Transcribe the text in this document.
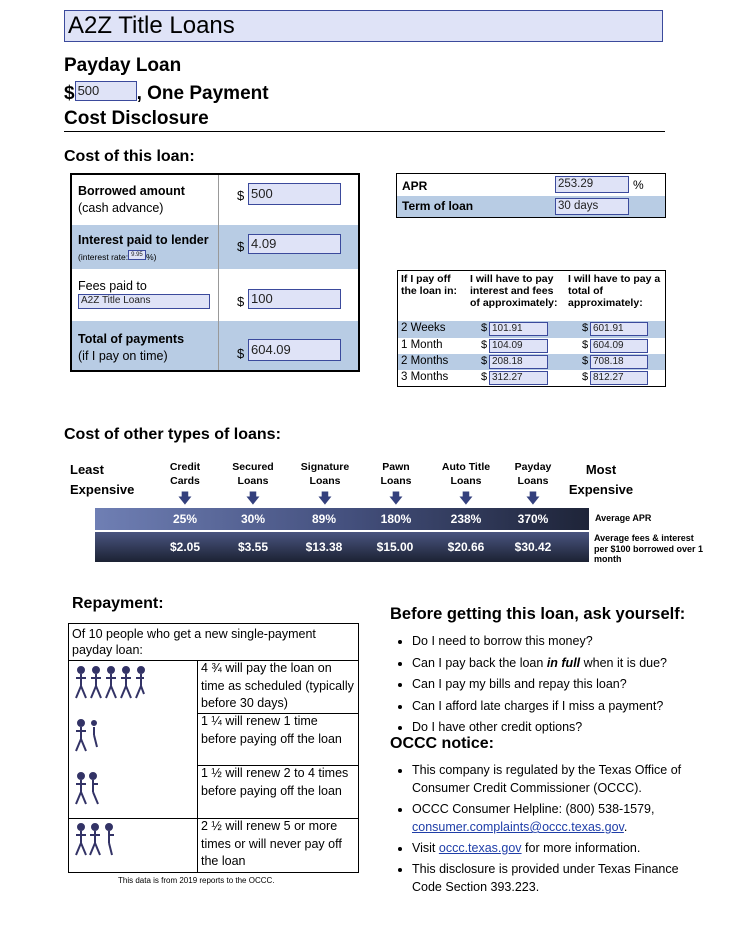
A2Z Title Loans
Payday Loan
$ 500 , One Payment
Cost Disclosure
Cost of this loan:
Borrowed amount
(cash advance)
$ 500
Interest paid to lender
(interest rate: 9.95 %)
$ 4.09
Fees paid to
A2Z Title Loans	$ 100
Total of payments
(if I pay on time)	$ 604.09
APR	253.29	%
Term of loan	30 days
If I pay off the loan in:
I will have to pay interest and fees of approximately:
I will have to pay a total of approximately:
2 Weeks	$ 101.91	$ 601.91
1 Month	$ 104.09	$ 604.09
2 Months	$ 208.18	$ 708.18
3 Months	$ 312.27	$ 812.27
Cost of other types of loans:
Least Expensive
Most Expensive
Credit Cards
Secured Loans
Signature Loans
Pawn Loans
Auto Title Loans
Payday Loans
🡇	🡇	🡇	🡇	🡇	🡇
25%	30%	89%	180%	238%	370%
$2.05	$3.55	$13.38	$15.00	$20.66	$30.42
Average APR
Average fees & interest per $100 borrowed over 1 month
Repayment:
Of 10 people who get a new single-payment payday loan:
4 ¾ will pay the loan on time as scheduled (typically before 30 days)
1 ¼ will renew 1 time before paying off the loan
1 ½ will renew 2 to 4 times before paying off the loan
2 ½ will renew 5 or more times or will never pay off the loan
This data is from 2019 reports to the OCCC.
Before getting this loan, ask yourself:
• Do I need to borrow this money?
• Can I pay back the loan in full when it is due?
• Can I pay my bills and repay this loan?
• Can I afford late charges if I miss a payment?
• Do I have other credit options?
OCCC notice:
• This company is regulated by the Texas Office of Consumer Credit Commissioner (OCCC).
• OCCC Consumer Helpline: (800) 538-1579, consumer.complaints@occc.texas.gov.
• Visit occc.texas.gov for more information.
• This disclosure is provided under Texas Finance Code Section 393.223.
